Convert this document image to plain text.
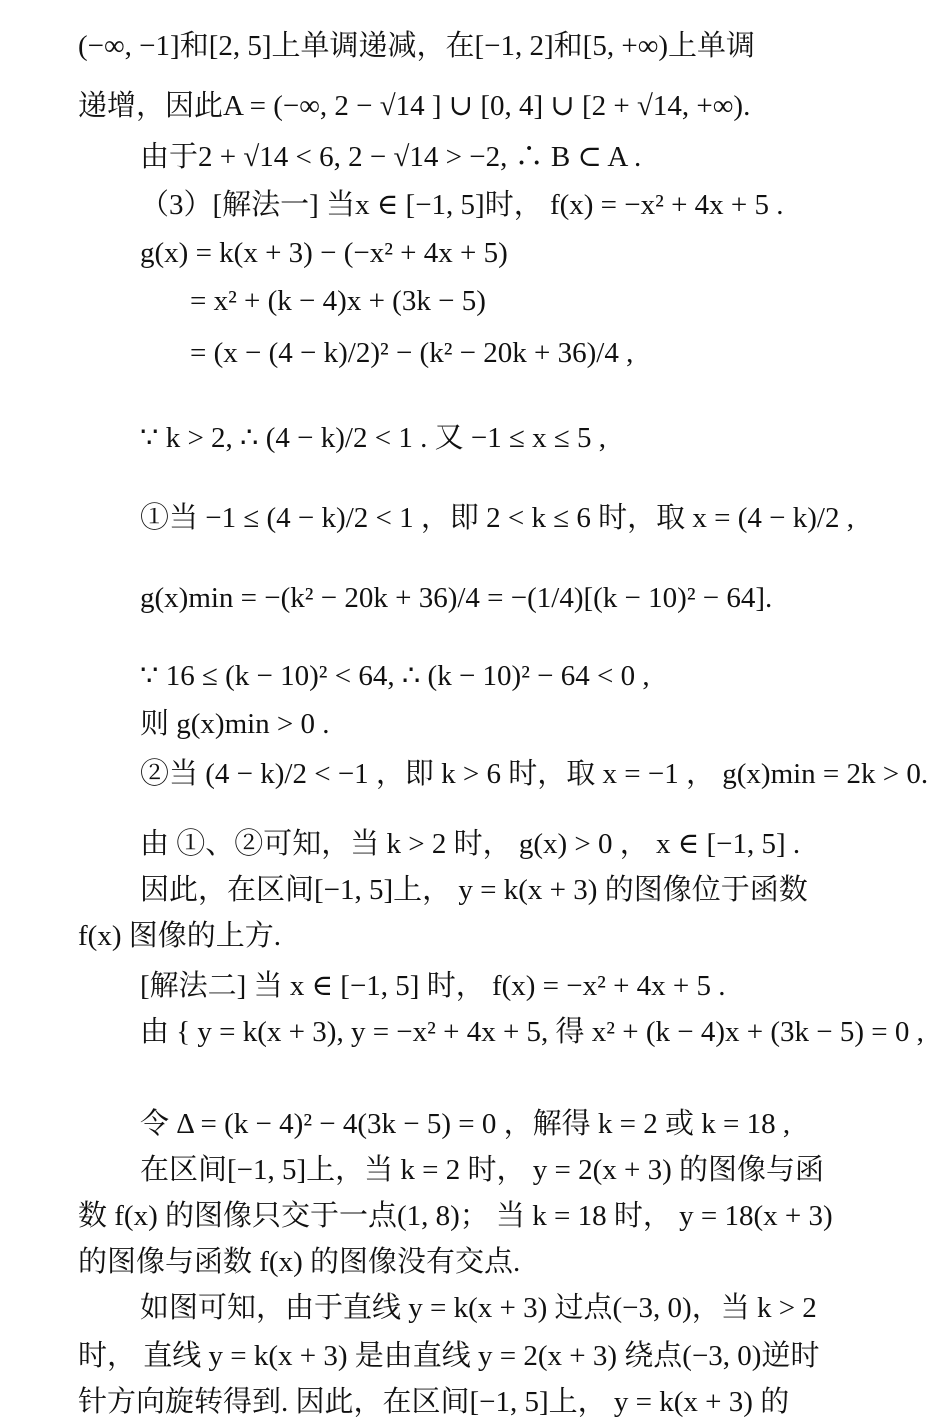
(−∞, −1]和[2, 5]上单调递减，在[−1, 2]和[5, +∞)上单调
递增，因此A = (−∞, 2 − √14 ] ∪ [0, 4] ∪ [2 + √14, +∞).
由于2 + √14 < 6, 2 − √14 > −2, ∴ B ⊂ A .
（3）[解法一] 当x ∈ [−1, 5]时， f(x) = −x² + 4x + 5 .
g(x) = k(x + 3) − (−x² + 4x + 5)
= x² + (k − 4)x + (3k − 5)
= (x − (4 − k)/2)² − (k² − 20k + 36)/4 ,
∵ k > 2, ∴ (4 − k)/2 < 1 . 又 −1 ≤ x ≤ 5 ,
①当 −1 ≤ (4 − k)/2 < 1 ，即 2 < k ≤ 6 时，取 x = (4 − k)/2 ,
g(x)min = −(k² − 20k + 36)/4 = −(1/4)[(k − 10)² − 64].
∵ 16 ≤ (k − 10)² < 64, ∴ (k − 10)² − 64 < 0 ,
则 g(x)min > 0 .
②当 (4 − k)/2 < −1 ，即 k > 6 时，取 x = −1 ， g(x)min = 2k > 0.
由 ①、②可知，当 k > 2 时， g(x) > 0 ， x ∈ [−1, 5] .
因此，在区间[−1, 5]上， y = k(x + 3) 的图像位于函数
f(x) 图像的上方.
[解法二] 当 x ∈ [−1, 5] 时， f(x) = −x² + 4x + 5 .
由 { y = k(x + 3), y = −x² + 4x + 5, 得 x² + (k − 4)x + (3k − 5) = 0 ,
令 Δ = (k − 4)² − 4(3k − 5) = 0 ，解得 k = 2 或 k = 18 ,
在区间[−1, 5]上，当 k = 2 时， y = 2(x + 3) 的图像与函
数 f(x) 的图像只交于一点(1, 8)； 当 k = 18 时， y = 18(x + 3)
的图像与函数 f(x) 的图像没有交点.
如图可知，由于直线 y = k(x + 3) 过点(−3, 0)，当 k > 2
时， 直线 y = k(x + 3) 是由直线 y = 2(x + 3) 绕点(−3, 0)逆时
针方向旋转得到. 因此，在区间[−1, 5]上， y = k(x + 3) 的
